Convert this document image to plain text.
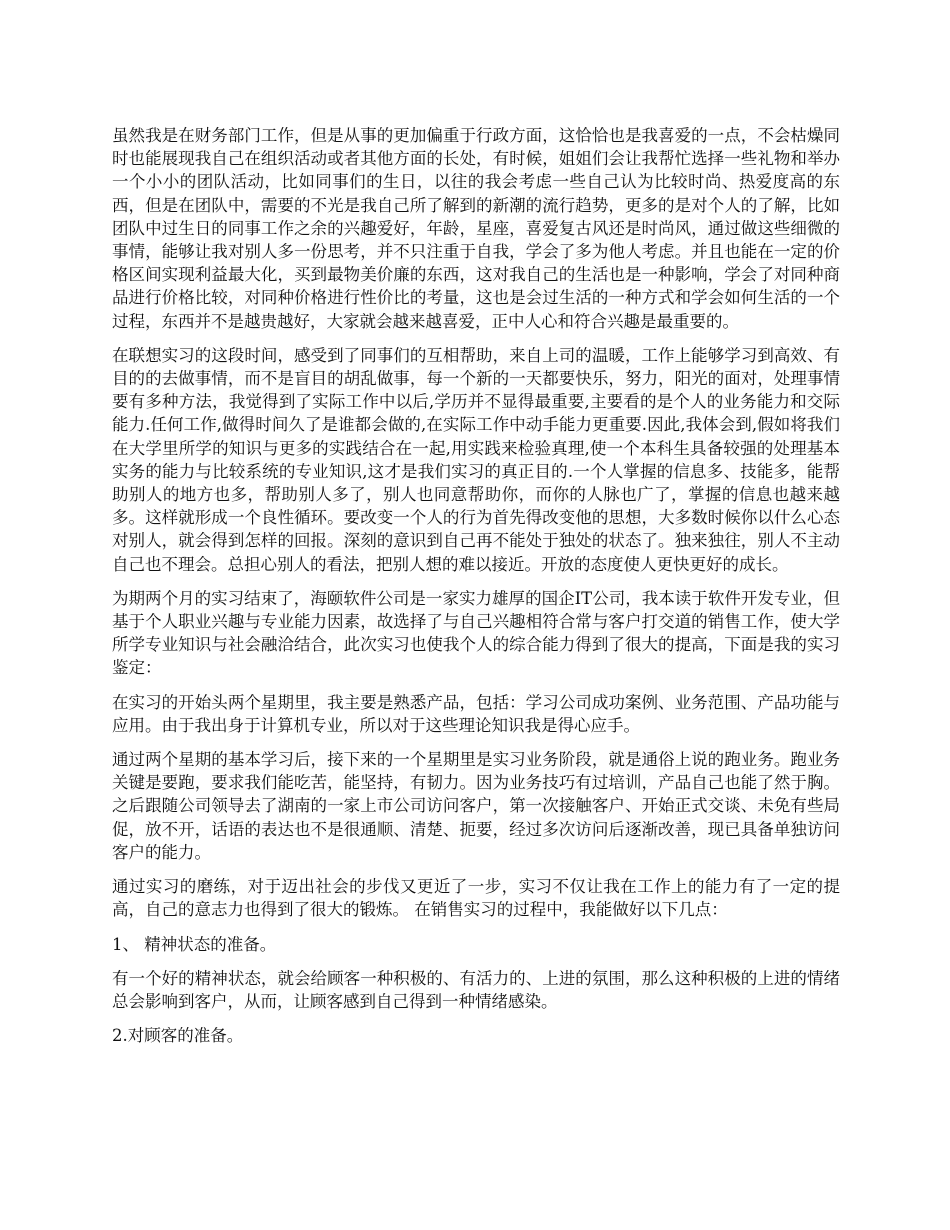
虽然我是在财务部门工作，但是从事的更加偏重于行政方面，这恰恰也是我喜爱的一点，不会枯燥同时也能展现我自己在组织活动或者其他方面的长处，有时候，姐姐们会让我帮忙选择一些礼物和举办一个小小的团队活动，比如同事们的生日，以往的我会考虑一些自己认为比较时尚、热爱度高的东西，但是在团队中，需要的不光是我自己所了解到的新潮的流行趋势，更多的是对个人的了解，比如团队中过生日的同事工作之余的兴趣爱好，年龄，星座，喜爱复古风还是时尚风，通过做这些细微的事情，能够让我对别人多一份思考，并不只注重于自我，学会了多为他人考虑。并且也能在一定的价格区间实现利益最大化，买到最物美价廉的东西，这对我自己的生活也是一种影响，学会了对同种商品进行价格比较，对同种价格进行性价比的考量，这也是会过生活的一种方式和学会如何生活的一个过程，东西并不是越贵越好，大家就会越来越喜爱，正中人心和符合兴趣是最重要的。

在联想实习的这段时间，感受到了同事们的互相帮助，来自上司的温暖，工作上能够学习到高效、有目的的去做事情，而不是盲目的胡乱做事，每一个新的一天都要快乐，努力，阳光的面对，处理事情要有多种方法，我觉得到了实际工作中以后,学历并不显得最重要,主要看的是个人的业务能力和交际能力.任何工作,做得时间久了是谁都会做的,在实际工作中动手能力更重要.因此,我体会到,假如将我们在大学里所学的知识与更多的实践结合在一起,用实践来检验真理,使一个本科生具备较强的处理基本实务的能力与比较系统的专业知识,这才是我们实习的真正目的.一个人掌握的信息多、技能多，能帮助别人的地方也多，帮助别人多了，别人也同意帮助你，而你的人脉也广了，掌握的信息也越来越多。这样就形成一个良性循环。要改变一个人的行为首先得改变他的思想，大多数时候你以什么心态对别人，就会得到怎样的回报。深刻的意识到自己再不能处于独处的状态了。独来独往，别人不主动自己也不理会。总担心别人的看法，把别人想的难以接近。开放的态度使人更快更好的成长。

为期两个月的实习结束了，海颐软件公司是一家实力雄厚的国企IT公司，我本读于软件开发专业，但基于个人职业兴趣与专业能力因素，故选择了与自己兴趣相符合常与客户打交道的销售工作，使大学所学专业知识与社会融洽结合，此次实习也使我个人的综合能力得到了很大的提高，下面是我的实习鉴定：

在实习的开始头两个星期里，我主要是熟悉产品，包括：学习公司成功案例、业务范围、产品功能与应用。由于我出身于计算机专业，所以对于这些理论知识我是得心应手。

通过两个星期的基本学习后，接下来的一个星期里是实习业务阶段，就是通俗上说的跑业务。跑业务关键是要跑，要求我们能吃苦，能坚持，有韧力。因为业务技巧有过培训，产品自己也能了然于胸。之后跟随公司领导去了湖南的一家上市公司访问客户，第一次接触客户、开始正式交谈、未免有些局促，放不开，话语的表达也不是很通顺、清楚、扼要，经过多次访问后逐渐改善，现已具备单独访问客户的能力。

通过实习的磨练，对于迈出社会的步伐又更近了一步，实习不仅让我在工作上的能力有了一定的提高，自己的意志力也得到了很大的锻炼。 在销售实习的过程中，我能做好以下几点：

1、 精神状态的准备。

有一个好的精神状态，就会给顾客一种积极的、有活力的、上进的氛围，那么这种积极的上进的情绪总会影响到客户，从而，让顾客感到自己得到一种情绪感染。

2.对顾客的准备。
